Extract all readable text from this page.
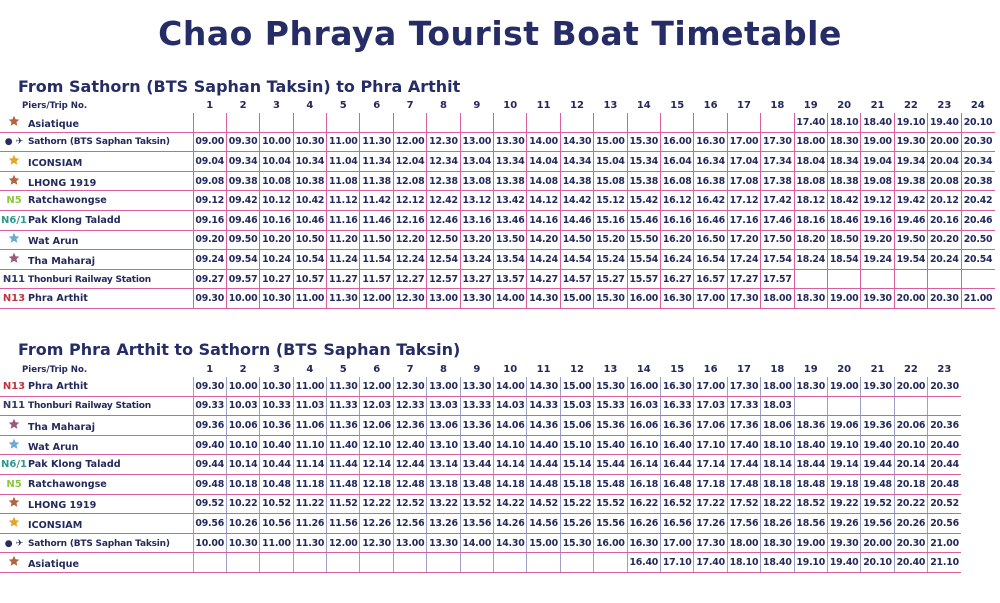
Chao Phraya Tourist Boat Timetable
From Sathorn (BTS Saphan Taksin) to Phra Arthit
Piers/Trip No.	1	2	3	4	5	6	7	8	9	10	11	12	13	14	15	16	17	18	19	20	21	22	23	24
Asiatique																			17.40	18.10	18.40	19.10	19.40	20.10
● ✈ Sathorn (BTS Saphan Taksin)	09.00	09.30	10.00	10.30	11.00	11.30	12.00	12.30	13.00	13.30	14.00	14.30	15.00	15.30	16.00	16.30	17.00	17.30	18.00	18.30	19.00	19.30	20.00	20.30
ICONSIAM	09.04	09.34	10.04	10.34	11.04	11.34	12.04	12.34	13.04	13.34	14.04	14.34	15.04	15.34	16.04	16.34	17.04	17.34	18.04	18.34	19.04	19.34	20.04	20.34
LHONG 1919	09.08	09.38	10.08	10.38	11.08	11.38	12.08	12.38	13.08	13.38	14.08	14.38	15.08	15.38	16.08	16.38	17.08	17.38	18.08	18.38	19.08	19.38	20.08	20.38
N5 Ratchawongse	09.12	09.42	10.12	10.42	11.12	11.42	12.12	12.42	13.12	13.42	14.12	14.42	15.12	15.42	16.12	16.42	17.12	17.42	18.12	18.42	19.12	19.42	20.12	20.42
N6/1Pak Klong Taladd	09.16	09.46	10.16	10.46	11.16	11.46	12.16	12.46	13.16	13.46	14.16	14.46	15.16	15.46	16.16	16.46	17.16	17.46	18.16	18.46	19.16	19.46	20.16	20.46
Wat Arun	09.20	09.50	10.20	10.50	11.20	11.50	12.20	12.50	13.20	13.50	14.20	14.50	15.20	15.50	16.20	16.50	17.20	17.50	18.20	18.50	19.20	19.50	20.20	20.50
Tha Maharaj	09.24	09.54	10.24	10.54	11.24	11.54	12.24	12.54	13.24	13.54	14.24	14.54	15.24	15.54	16.24	16.54	17.24	17.54	18.24	18.54	19.24	19.54	20.24	20.54
N11 Thonburi Railway Station	09.27	09.57	10.27	10.57	11.27	11.57	12.27	12.57	13.27	13.57	14.27	14.57	15.27	15.57	16.27	16.57	17.27	17.57						
N13 Phra Arthit	09.30	10.00	10.30	11.00	11.30	12.00	12.30	13.00	13.30	14.00	14.30	15.00	15.30	16.00	16.30	17.00	17.30	18.00	18.30	19.00	19.30	20.00	20.30	21.00
From Phra Arthit to Sathorn (BTS Saphan Taksin)
Piers/Trip No.	1	2	3	4	5	6	7	8	9	10	11	12	13	14	15	16	17	18	19	20	21	22	23	
N13 Phra Arthit	09.30	10.00	10.30	11.00	11.30	12.00	12.30	13.00	13.30	14.00	14.30	15.00	15.30	16.00	16.30	17.00	17.30	18.00	18.30	19.00	19.30	20.00	20.30	
N11 Thonburi Railway Station	09.33	10.03	10.33	11.03	11.33	12.03	12.33	13.03	13.33	14.03	14.33	15.03	15.33	16.03	16.33	17.03	17.33	18.03						
Tha Maharaj	09.36	10.06	10.36	11.06	11.36	12.06	12.36	13.06	13.36	14.06	14.36	15.06	15.36	16.06	16.36	17.06	17.36	18.06	18.36	19.06	19.36	20.06	20.36	
Wat Arun	09.40	10.10	10.40	11.10	11.40	12.10	12.40	13.10	13.40	14.10	14.40	15.10	15.40	16.10	16.40	17.10	17.40	18.10	18.40	19.10	19.40	20.10	20.40	
N6/1Pak Klong Taladd	09.44	10.14	10.44	11.14	11.44	12.14	12.44	13.14	13.44	14.14	14.44	15.14	15.44	16.14	16.44	17.14	17.44	18.14	18.44	19.14	19.44	20.14	20.44	
N5 Ratchawongse	09.48	10.18	10.48	11.18	11.48	12.18	12.48	13.18	13.48	14.18	14.48	15.18	15.48	16.18	16.48	17.18	17.48	18.18	18.48	19.18	19.48	20.18	20.48	
LHONG 1919	09.52	10.22	10.52	11.22	11.52	12.22	12.52	13.22	13.52	14.22	14.52	15.22	15.52	16.22	16.52	17.22	17.52	18.22	18.52	19.22	19.52	20.22	20.52	
ICONSIAM	09.56	10.26	10.56	11.26	11.56	12.26	12.56	13.26	13.56	14.26	14.56	15.26	15.56	16.26	16.56	17.26	17.56	18.26	18.56	19.26	19.56	20.26	20.56	
● ✈ Sathorn (BTS Saphan Taksin)	10.00	10.30	11.00	11.30	12.00	12.30	13.00	13.30	14.00	14.30	15.00	15.30	16.00	16.30	17.00	17.30	18.00	18.30	19.00	19.30	20.00	20.30	21.00	
Asiatique														16.40	17.10	17.40	18.10	18.40	19.10	19.40	20.10	20.40	21.10	
